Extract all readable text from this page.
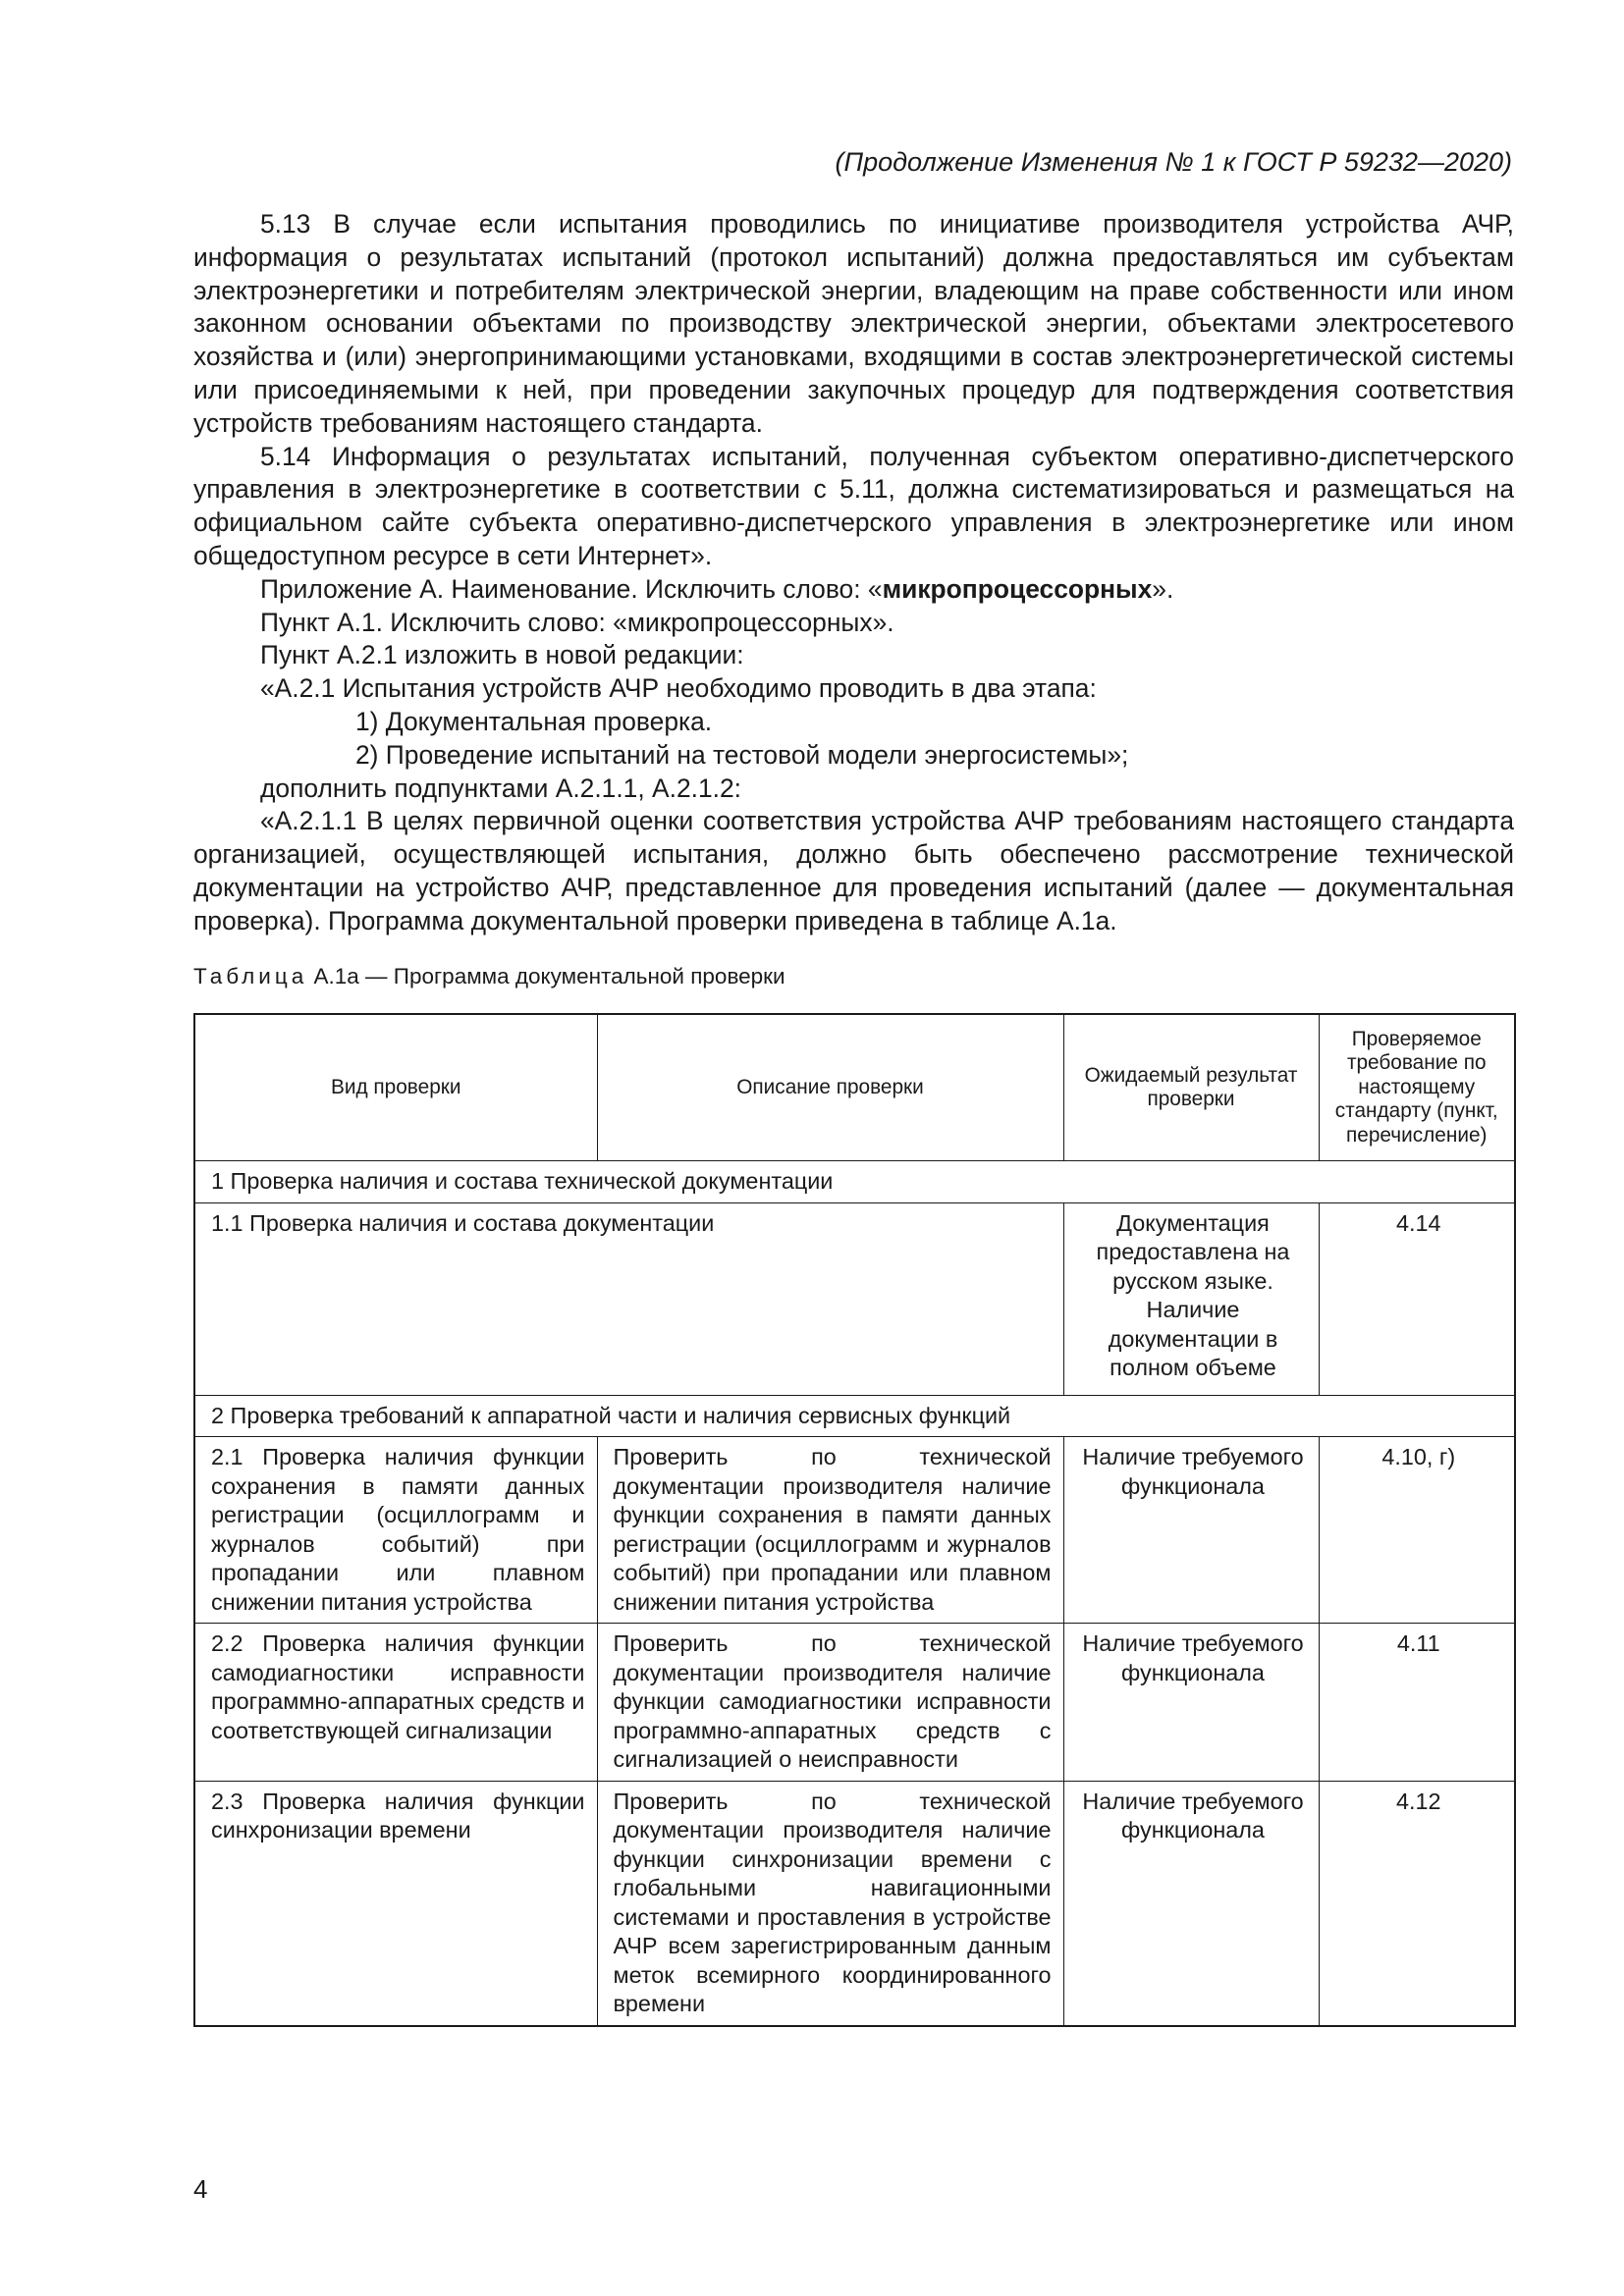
(Продолжение Изменения № 1 к ГОСТ Р 59232—2020)

5.13 В случае если испытания проводились по инициативе производителя устройства АЧР, информация о результатах испытаний (протокол испытаний) должна предоставляться им субъектам электроэнергетики и потребителям электрической энергии, владеющим на праве собственности или ином законном основании объектами по производству электрической энергии, объектами электросетевого хозяйства и (или) энергопринимающими установками, входящими в состав электроэнергетической системы или присоединяемыми к ней, при проведении закупочных процедур для подтверждения соответствия устройств требованиям настоящего стандарта.

5.14 Информация о результатах испытаний, полученная субъектом оперативно-диспетчерского управления в электроэнергетике в соответствии с 5.11, должна систематизироваться и размещаться на официальном сайте субъекта оперативно-диспетчерского управления в электроэнергетике или ином общедоступном ресурсе в сети Интернет».

Приложение А. Наименование. Исключить слово: «микропроцессорных».

Пункт А.1. Исключить слово: «микропроцессорных».

Пункт А.2.1 изложить в новой редакции:

«А.2.1 Испытания устройств АЧР необходимо проводить в два этапа:

1) Документальная проверка.

2) Проведение испытаний на тестовой модели энергосистемы»;

дополнить подпунктами А.2.1.1, А.2.1.2:

«А.2.1.1 В целях первичной оценки соответствия устройства АЧР требованиям настоящего стандарта организацией, осуществляющей испытания, должно быть обеспечено рассмотрение технической документации на устройство АЧР, представленное для проведения испытаний (далее — документальная проверка). Программа документальной проверки приведена в таблице А.1а.

Таблица А.1а — Программа документальной проверки
Вид проверки	Описание проверки	Ожидаемый результат проверки	Проверяемое требование по настоящему стандарту (пункт, перечисление)
1 Проверка наличия и состава технической документации			
1.1 Проверка наличия и состава документации		Документация предоставлена на русском языке. Наличие документации в полном объеме	4.14
2 Проверка требований к аппаратной части и наличия сервисных функций			
2.1 Проверка наличия функции сохранения в памяти данных регистрации (осциллограмм и журналов событий) при пропадании или плавном снижении питания устройства	Проверить по технической документации производителя наличие функции сохранения в памяти данных регистрации (осциллограмм и журналов событий) при пропадании или плавном снижении питания устройства	Наличие требуемого функционала	4.10, г)
2.2 Проверка наличия функции самодиагностики исправности программно-аппаратных средств и соответствующей сигнализации	Проверить по технической документации производителя наличие функции самодиагностики исправности программно-аппаратных средств с сигнализацией о неисправности	Наличие требуемого функционала	4.11
2.3 Проверка наличия функции синхронизации времени	Проверить по технической документации производителя наличие функции синхронизации времени с глобальными навигационными системами и проставления в устройстве АЧР всем зарегистрированным данным меток всемирного координированного времени	Наличие требуемого функционала	4.12
4
